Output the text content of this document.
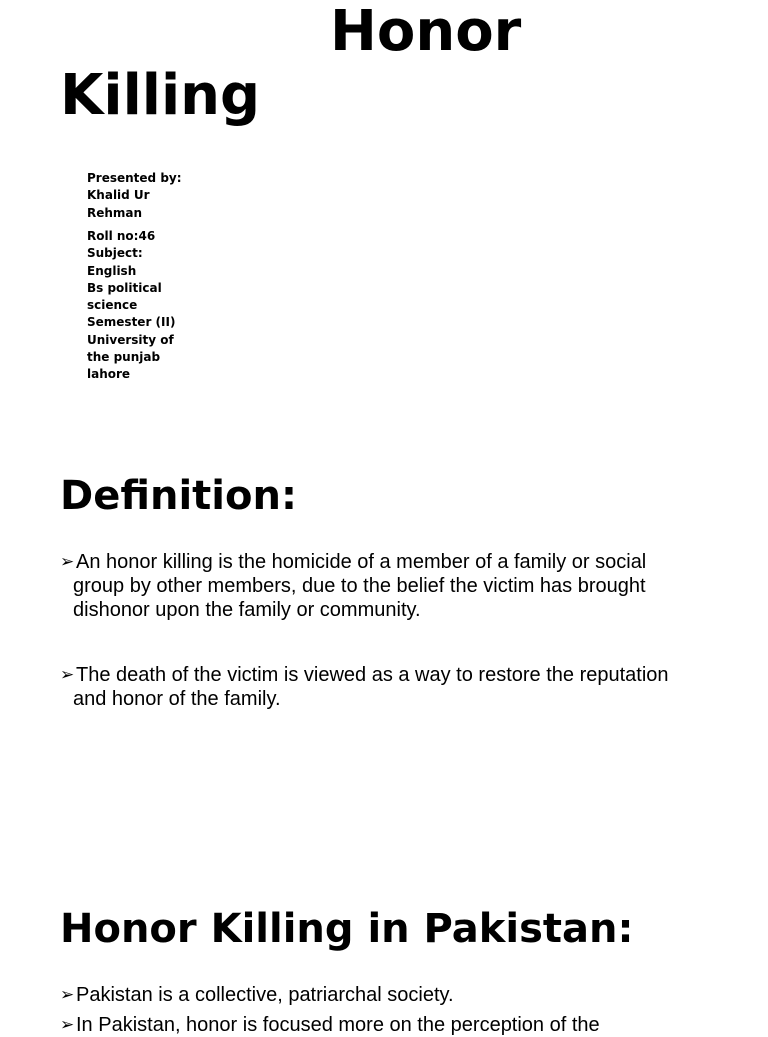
Honor
Killing
Presented by:
Khalid Ur
Rehman
Roll no:46
Subject:
English
Bs political
science
Semester (II)
University of
the punjab
lahore
Definition:
➢ An honor killing is the homicide of a member of a family or social group by other members, due to the belief the victim has brought dishonor upon the family or community.
➢ The death of the victim is viewed as a way to restore the reputation and honor of the family.
Honor Killing in Pakistan:
➢ Pakistan is a collective, patriarchal society.
➢ In Pakistan, honor is focused more on the perception of the
